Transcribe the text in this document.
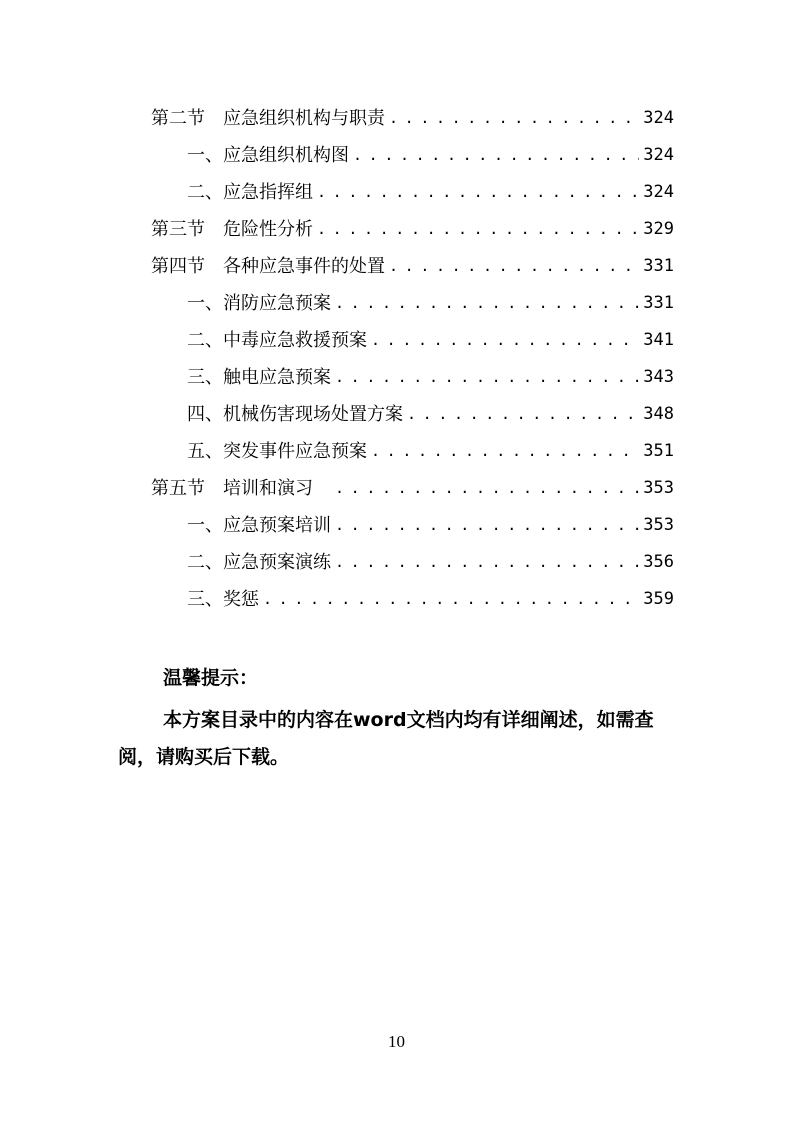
第二节 应急组织机构与职责 . . .	324
一、应急组织机构图 . . .	324
二、应急指挥组 . . .	324
第三节 危险性分析 . . .	329
第四节 各种应急事件的处置 . . .	331
一、消防应急预案 . . .	331
二、中毒应急救援预案 . . .	341
三、触电应急预案 . . .	343
四、机械伤害现场处置方案 . . .	348
五、突发事件应急预案 . . .	351
第五节 培训和演习 . . .	353
一、应急预案培训 . . .	353
二、应急预案演练 . . .	356
三、奖惩 . . .	359
温馨提示：
本方案目录中的内容在word文档内均有详细阐述，如需查阅，请购买后下载。
10
